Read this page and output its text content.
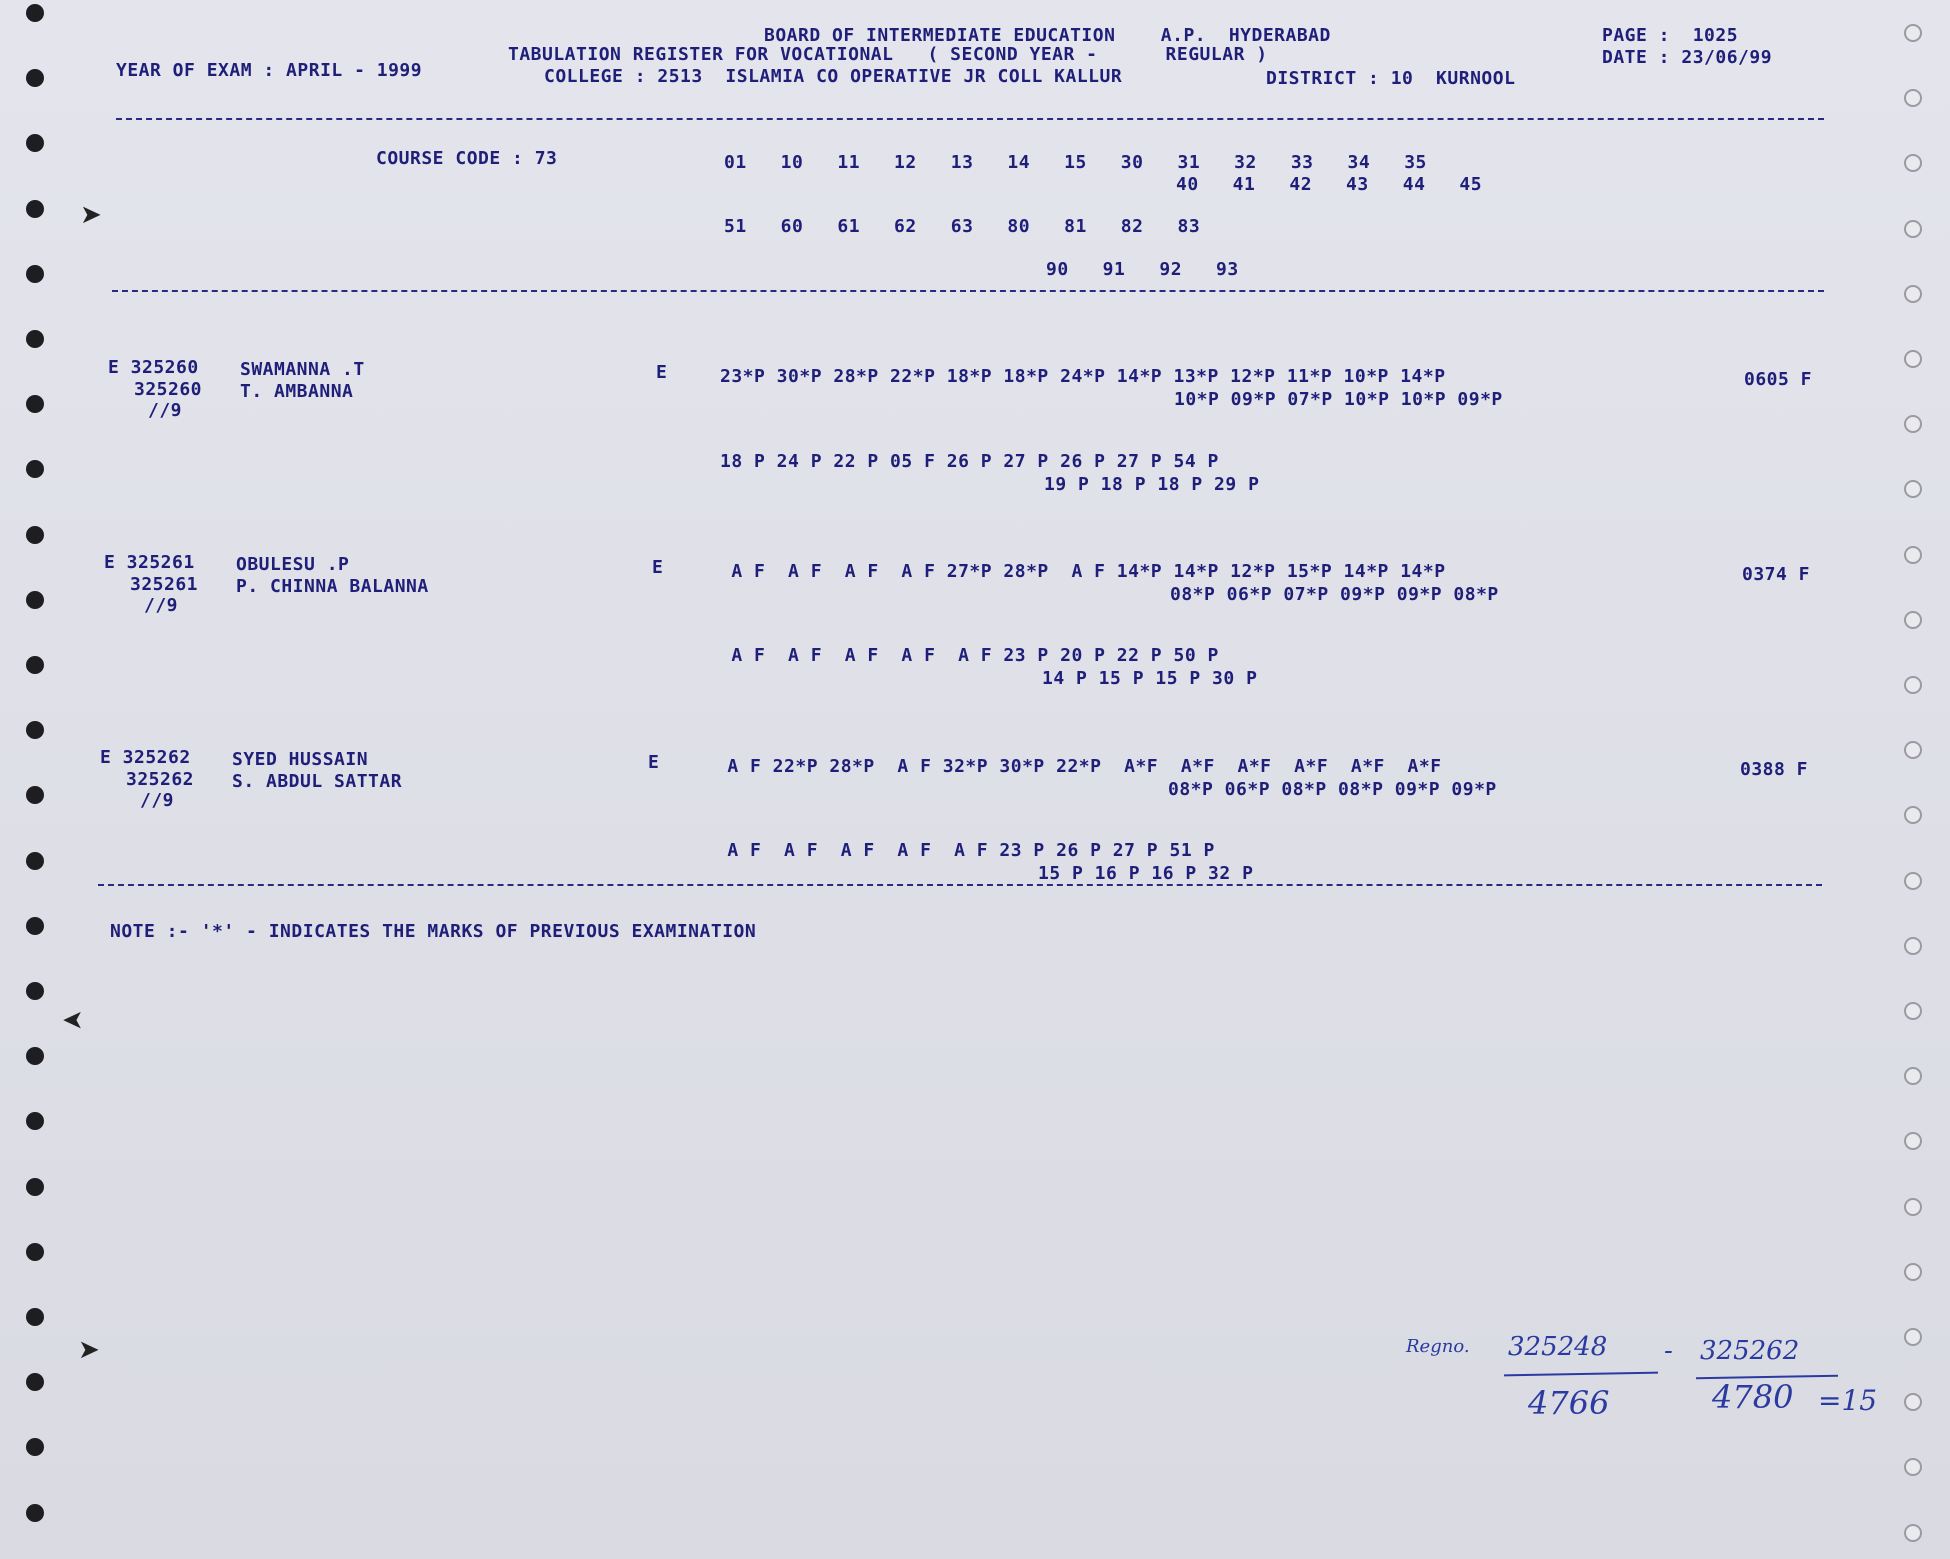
➤
➤
➤
BOARD OF INTERMEDIATE EDUCATION    A.P.  HYDERABAD
TABULATION REGISTER FOR VOCATIONAL   ( SECOND YEAR -      REGULAR )
YEAR OF EXAM : APRIL - 1999	COLLEGE : 2513  ISLAMIA CO OPERATIVE JR COLL KALLUR	DISTRICT : 10  KURNOOL
PAGE :  1025
DATE : 23/06/99
COURSE CODE : 73	01   10   11   12   13   14   15   30   31   32   33   34   35
40   41   42   43   44   45
51   60   61   62   63   80   81   82   83
90   91   92   93
E 325260 SWAMANNA .T
325260 T. AMBANNA
//9
E	23*P 30*P 28*P 22*P 18*P 18*P 24*P 14*P 13*P 12*P 11*P 10*P 14*P
10*P 09*P 07*P 10*P 10*P 09*P
18 P 24 P 22 P 05 F 26 P 27 P 26 P 27 P 54 P
19 P 18 P 18 P 29 P
0605 F
E 325261 OBULESU .P
325261 P. CHINNA BALANNA
//9
E	A F  A F  A F  A F 27*P 28*P  A F 14*P 14*P 12*P 15*P 14*P 14*P
08*P 06*P 07*P 09*P 09*P 08*P
A F  A F  A F  A F  A F 23 P 20 P 22 P 50 P
14 P 15 P 15 P 30 P
0374 F
E 325262 SYED HUSSAIN
325262 S. ABDUL SATTAR
//9
E	A F 22*P 28*P  A F 32*P 30*P 22*P  A*F  A*F  A*F  A*F  A*F  A*F
08*P 06*P 08*P 08*P 09*P 09*P
A F  A F  A F  A F  A F 23 P 26 P 27 P 51 P
15 P 16 P 16 P 32 P
0388 F
NOTE :- '*' - INDICATES THE MARKS OF PREVIOUS EXAMINATION
Regno. 325248 - 325262
4766	4780 =15
